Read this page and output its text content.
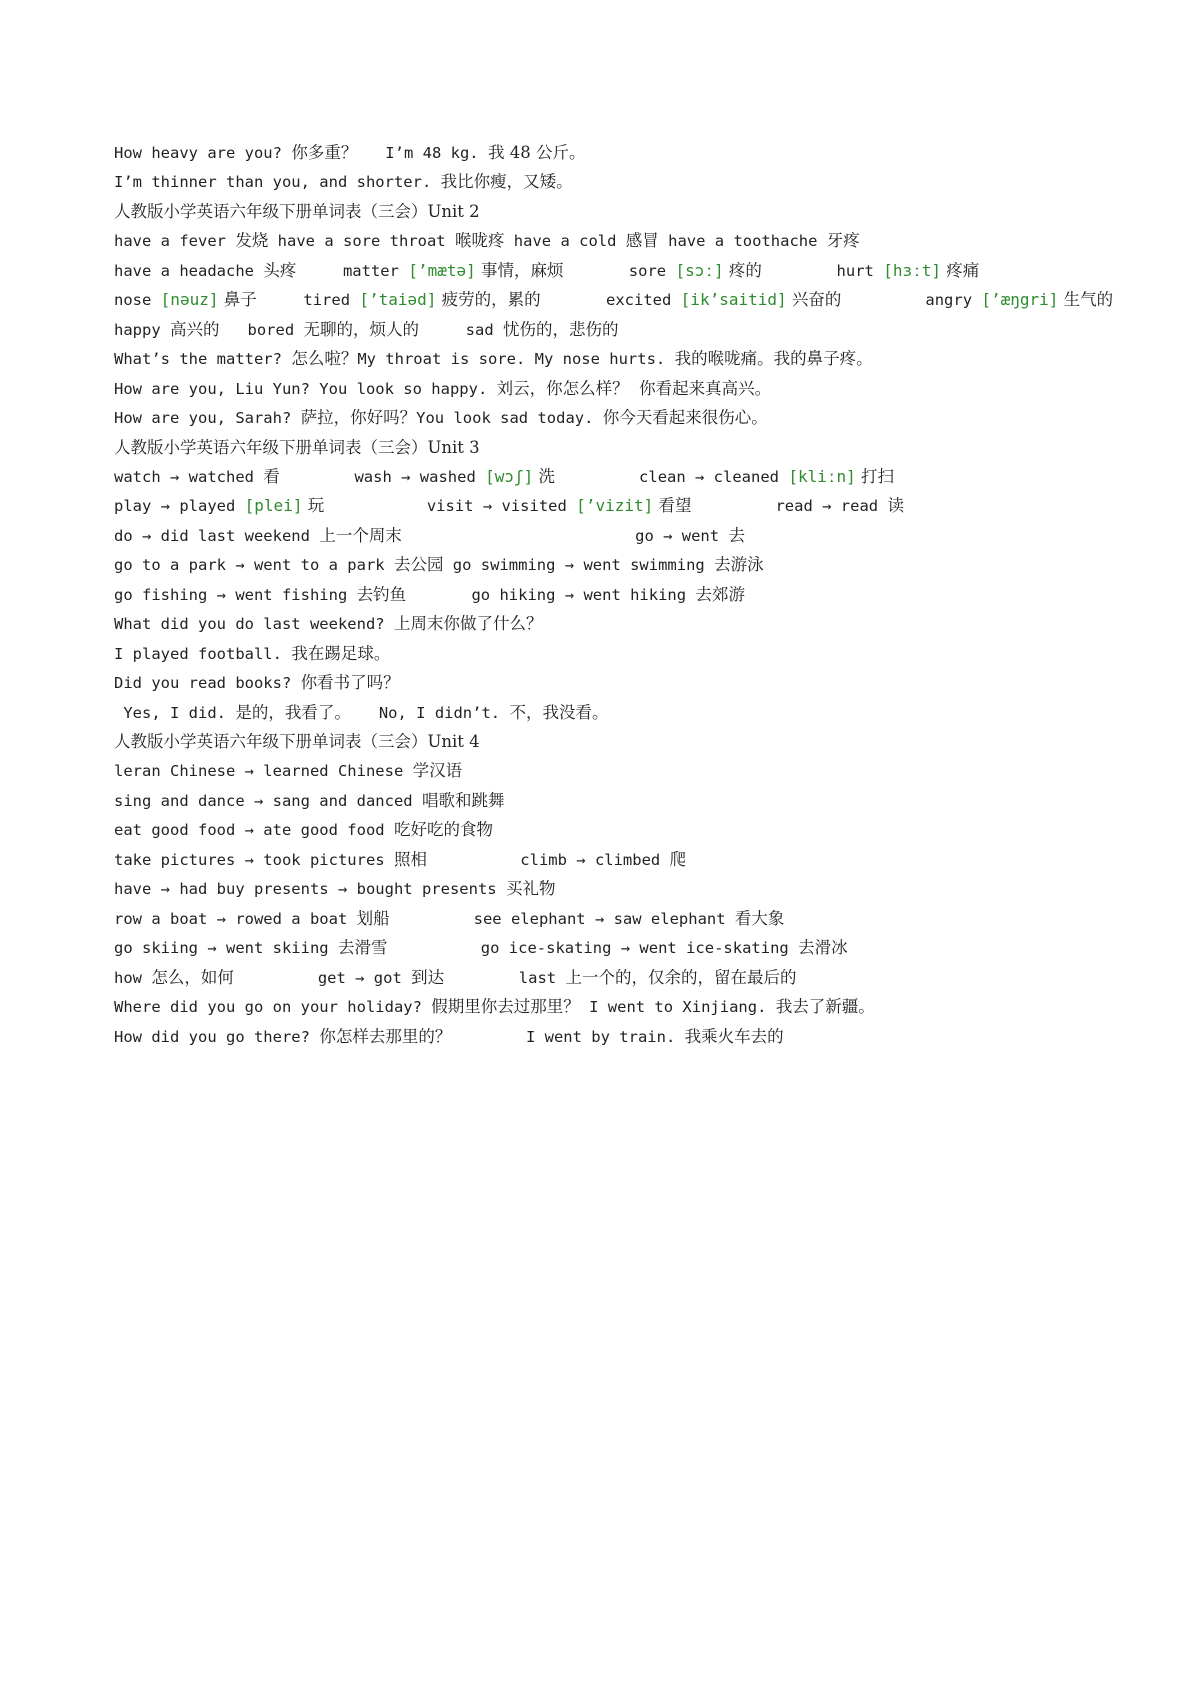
How heavy are you? 你多重？   I’m 48 kg. 我 48 公斤。
I’m thinner than you, and shorter. 我比你瘦，又矮。
人教版小学英语六年级下册单词表（三会）Unit 2
have a fever 发烧 have a sore throat 喉咙疼 have a cold 感冒 have a toothache 牙疼
have a headache 头疼     matter [’mætə] 事情，麻烦       sore [sɔː] 疼的        hurt [hɜːt] 疼痛
nose [nəuz] 鼻子     tired [’taiəd] 疲劳的，累的       excited [ik’saitid] 兴奋的         angry [’æŋgri] 生气的
happy 高兴的   bored 无聊的，烦人的     sad 忧伤的，悲伤的
What’s the matter? 怎么啦？My throat is sore. My nose hurts. 我的喉咙痛。我的鼻子疼。
How are you, Liu Yun? You look so happy. 刘云，你怎么样？  你看起来真高兴。
How are you, Sarah? 萨拉，你好吗？You look sad today. 你今天看起来很伤心。
人教版小学英语六年级下册单词表（三会）Unit 3
watch → watched 看        wash → washed [wɔʃ] 洗         clean → cleaned [kliːn] 打扫
play → played [plei] 玩           visit → visited [’vizit] 看望         read → read 读
do → did last weekend 上一个周末                         go → went 去
go to a park → went to a park 去公园 go swimming → went swimming 去游泳
go fishing → went fishing 去钓鱼       go hiking → went hiking 去郊游
What did you do last weekend? 上周末你做了什么？
I played football. 我在踢足球。
Did you read books? 你看书了吗？
Yes, I did. 是的，我看了。   No, I didn’t. 不，我没看。
人教版小学英语六年级下册单词表（三会）Unit 4
leran Chinese → learned Chinese 学汉语
sing and dance → sang and danced 唱歌和跳舞
eat good food → ate good food 吃好吃的食物
take pictures → took pictures 照相          climb → climbed 爬
have → had buy presents → bought presents 买礼物
row a boat → rowed a boat 划船         see elephant → saw elephant 看大象
go skiing → went skiing 去滑雪          go ice-skating → went ice-skating 去滑冰
how 怎么，如何         get → got 到达        last 上一个的，仅余的，留在最后的
Where did you go on your holiday? 假期里你去过那里？ I went to Xinjiang. 我去了新疆。
How did you go there? 你怎样去那里的？        I went by train. 我乘火车去的
